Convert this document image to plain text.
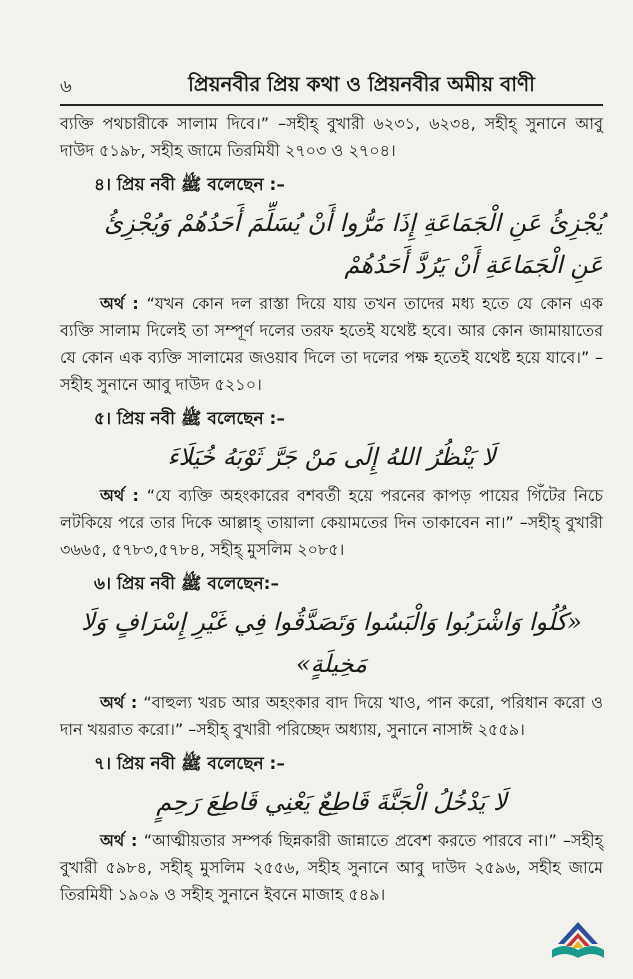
৬	প্রিয়নবীর প্রিয় কথা ও প্রিয়নবীর অমীয় বাণী

ব্যক্তি পথচারীকে সালাম দিবে।” –সহীহ্ বুখারী ৬২৩১, ৬২৩৪, সহীহ্ সুনানে আবু দাউদ ৫১৯৮, সহীহ জামে তিরমিযী ২৭০৩ ও ২৭০৪।

৪। প্রিয় নবী ﷺ বলেছেন :–

يُجْزِئُ عَنِ الْجَمَاعَةِ إِذَا مَرُّوا أَنْ يُسَلِّمَ أَحَدُهُمْ وَيُجْزِئُ

عَنِ الْجَمَاعَةِ أَنْ يَرُدَّ أَحَدُهُمْ

অর্থ : “যখন কোন দল রাস্তা দিয়ে যায় তখন তাদের মধ্য হতে যে কোন এক ব্যক্তি সালাম দিলেই তা সম্পূর্ণ দলের তরফ হতেই যথেষ্ট হবে। আর কোন জামায়াতের যে কোন এক ব্যক্তি সালামের জওয়াব দিলে তা দলের পক্ষ হতেই যথেষ্ট হয়ে যাবে।” –সহীহ সুনানে আবু দাউদ ৫২১০।

৫। প্রিয় নবী ﷺ বলেছেন :–

لَا يَنْظُرُ اللهُ إِلَى مَنْ جَرَّ ثَوْبَهُ خُيَلَاءَ

অর্থ : “যে ব্যক্তি অহংকারের বশবর্তী হয়ে পরনের কাপড় পায়ের গিঁটের নিচে লটকিয়ে পরে তার দিকে আল্লাহ্ তায়ালা কেয়ামতের দিন তাকাবেন না।” –সহীহ্ বুখারী ৩৬৬৫, ৫৭৮৩,৫৭৮৪, সহীহ্ মুসলিম ২০৮৫।

৬। প্রিয় নবী ﷺ বলেছেন:–

«كُلُوا وَاشْرَبُوا وَالْبَسُوا وَتَصَدَّقُوا فِي غَيْرِ إِسْرَافٍ وَلَا مَخِيلَةٍ»

অর্থ : “বাহুল্য খরচ আর অহংকার বাদ দিয়ে খাও, পান করো, পরিধান করো ও দান খয়রাত করো।” –সহীহ্ বুখারী পরিচ্ছেদ অধ্যায়, সুনানে নাসাঈ ২৫৫৯।

৭। প্রিয় নবী ﷺ বলেছেন :–

لَا يَدْخُلُ الْجَنَّةَ قَاطِعٌ يَعْنِي قَاطِعَ رَحِمٍ

অর্থ : “আত্মীয়তার সম্পর্ক ছিন্নকারী জান্নাতে প্রবেশ করতে পারবে না।” –সহীহ্ বুখারী ৫৯৮৪, সহীহ্ মুসলিম ২৫৫৬, সহীহ সুনানে আবু দাউদ ২৫৯৬, সহীহ জামে তিরমিযী ১৯০৯ ও সহীহ সুনানে ইবনে মাজাহ ৫৪৯।
